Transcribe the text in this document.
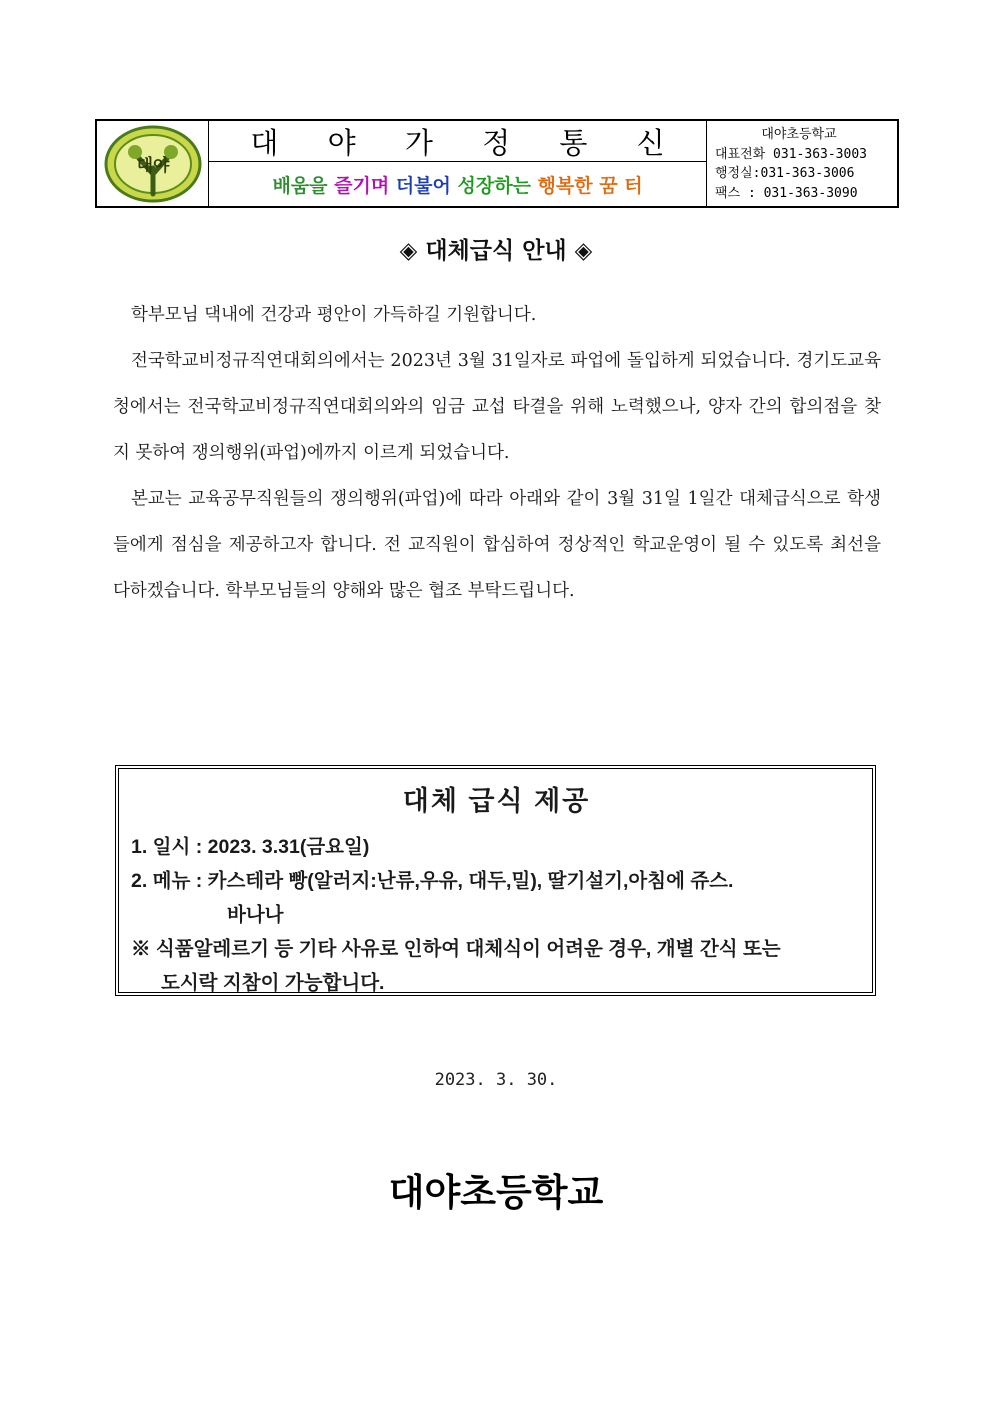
대야
대 야 가 정 통 신
배움을 즐기며 더불어 성장하는 행복한 꿈 터
대야초등학교
대표전화 031-363-3003
행정실:031-363-3006
팩스 : 031-363-3090
◈ 대체급식 안내 ◈

학부모님 댁내에 건강과 평안이 가득하길 기원합니다.

전국학교비정규직연대회의에서는 2023년 3월 31일자로 파업에 돌입하게 되었습니다. 경기도교육청에서는 전국학교비정규직연대회의와의 임금 교섭 타결을 위해 노력했으나, 양자 간의 합의점을 찾지 못하여 쟁의행위(파업)에까지 이르게 되었습니다.

본교는 교육공무직원들의 쟁의행위(파업)에 따라 아래와 같이 3월 31일 1일간 대체급식으로 학생들에게 점심을 제공하고자 합니다. 전 교직원이 합심하여 정상적인 학교운영이 될 수 있도록 최선을 다하겠습니다. 학부모님들의 양해와 많은 협조 부탁드립니다.

대체 급식 제공
1. 일시 : 2023. 3.31(금요일)
2. 메뉴 : 카스테라 빵(알러지:난류,우유, 대두,밀), 딸기설기,아침에 쥬스.
바나나
※ 식품알레르기 등 기타 사유로 인하여 대체식이 어려운 경우, 개별 간식 또는
도시락 지참이 가능합니다.
2023. 3. 30.
대야초등학교
